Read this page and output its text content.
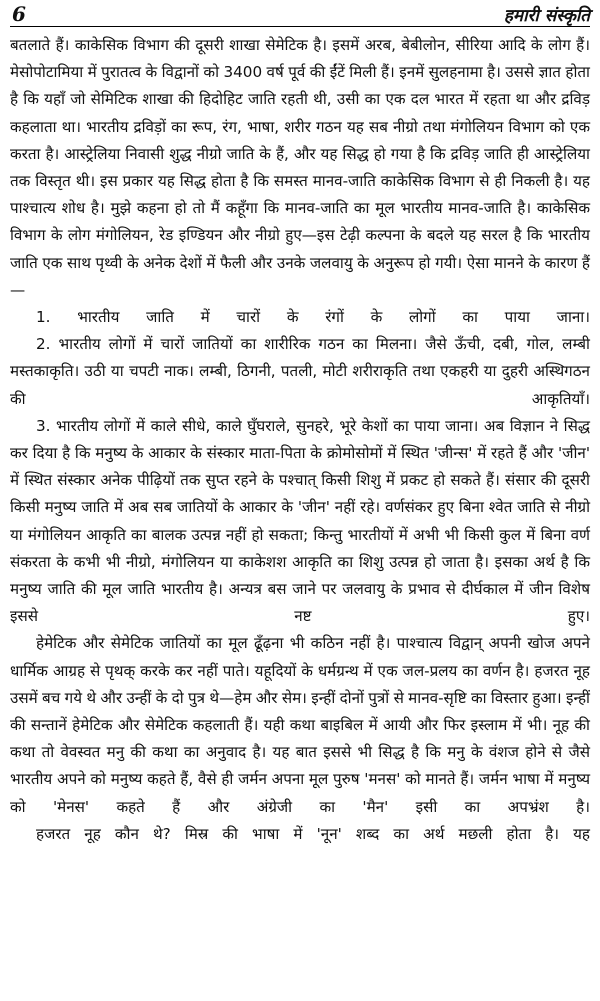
6	हमारी संस्कृति

बतलाते हैं। काकेसिक विभाग की दूसरी शाखा सेमेटिक है। इसमें अरब, बेबीलोन, सीरिया आदि के लोग हैं। मेसोपोटामिया में पुरातत्व के विद्वानों को 3400 वर्ष पूर्व की ईंटें मिली हैं। इनमें सुलहनामा है। उससे ज्ञात होता है कि यहाँ जो सेमिटिक शाखा की हिदोहिट जाति रहती थी, उसी का एक दल भारत में रहता था और द्रविड़ कहलाता था। भारतीय द्रविड़ों का रूप, रंग, भाषा, शरीर गठन यह सब नीग्रो तथा मंगोलियन विभाग को एक करता है। आस्ट्रेलिया निवासी शुद्ध नीग्रो जाति के हैं, और यह सिद्ध हो गया है कि द्रविड़ जाति ही आस्ट्रेलिया तक विस्तृत थी। इस प्रकार यह सिद्ध होता है कि समस्त मानव-जाति काकेसिक विभाग से ही निकली है। यह पाश्चात्य शोध है। मुझे कहना हो तो मैं कहूँगा कि मानव-जाति का मूल भारतीय मानव-जाति है। काकेसिक विभाग के लोग मंगोलियन, रेड इण्डियन और नीग्रो हुए—इस टेढ़ी कल्पना के बदले यह सरल है कि भारतीय जाति एक साथ पृथ्वी के अनेक देशों में फैली और उनके जलवायु के अनुरूप हो गयी। ऐसा मानने के कारण हैं—

1. भारतीय जाति में चारों के रंगों के लोगों का पाया जाना।

2. भारतीय लोगों में चारों जातियों का शारीरिक गठन का मिलना। जैसे ऊँची, दबी, गोल, लम्बी मस्तकाकृति। उठी या चपटी नाक। लम्बी, ठिगनी, पतली, मोटी शरीराकृति तथा एकहरी या दुहरी अस्थिगठन की आकृतियाँ।

3. भारतीय लोगों में काले सीधे, काले घुँघराले, सुनहरे, भूरे केशों का पाया जाना। अब विज्ञान ने सिद्ध कर दिया है कि मनुष्य के आकार के संस्कार माता-पिता के क्रोमोसोमों में स्थित 'जीन्स' में रहते हैं और 'जीन' में स्थित संस्कार अनेक पीढ़ियों तक सुप्त रहने के पश्चात् किसी शिशु में प्रकट हो सकते हैं। संसार की दूसरी किसी मनुष्य जाति में अब सब जातियों के आकार के 'जीन' नहीं रहे। वर्णसंकर हुए बिना श्वेत जाति से नीग्रो या मंगोलियन आकृति का बालक उत्पन्न नहीं हो सकता; किन्तु भारतीयों में अभी भी किसी कुल में बिना वर्ण संकरता के कभी भी नीग्रो, मंगोलियन या काकेशश आकृति का शिशु उत्पन्न हो जाता है। इसका अर्थ है कि मनुष्य जाति की मूल जाति भारतीय है। अन्यत्र बस जाने पर जलवायु के प्रभाव से दीर्घकाल में जीन विशेष इससे नष्ट हुए।

हेमेटिक और सेमेटिक जातियों का मूल ढूँढ़ना भी कठिन नहीं है। पाश्चात्य विद्वान् अपनी खोज अपने धार्मिक आग्रह से पृथक् करके कर नहीं पाते। यहूदियों के धर्मग्रन्थ में एक जल-प्रलय का वर्णन है। हजरत नूह उसमें बच गये थे और उन्हीं के दो पुत्र थे—हेम और सेम। इन्हीं दोनों पुत्रों से मानव-सृष्टि का विस्तार हुआ। इन्हीं की सन्तानें हेमेटिक और सेमेटिक कहलाती हैं। यही कथा बाइबिल में आयी और फिर इस्लाम में भी। नूह की कथा तो वेवस्वत मनु की कथा का अनुवाद है। यह बात इससे भी सिद्ध है कि मनु के वंशज होने से जैसे भारतीय अपने को मनुष्य कहते हैं, वैसे ही जर्मन अपना मूल पुरुष 'मनस' को मानते हैं। जर्मन भाषा में मनुष्य को 'मेनस' कहते हैं और अंग्रेजी का 'मैन' इसी का अपभ्रंश है।

हजरत नूह कौन थे? मिस्र की भाषा में 'नून' शब्द का अर्थ मछली होता है। यह
